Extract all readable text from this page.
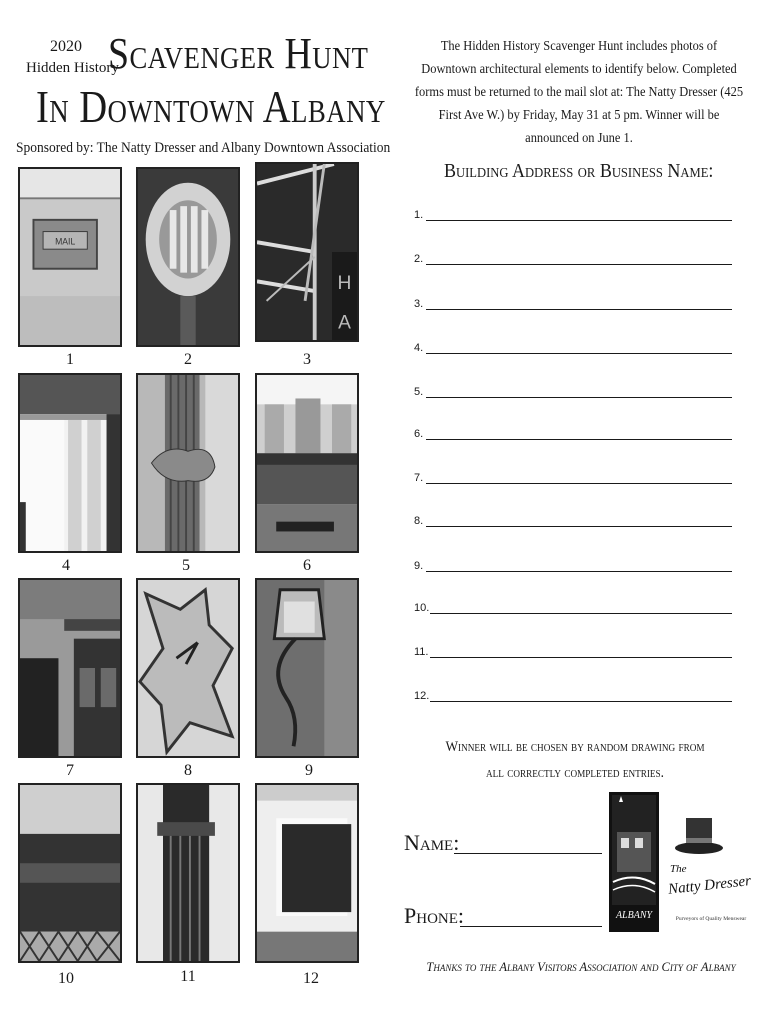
2020
Hidden History
Scavenger Hunt
In Downtown Albany
Sponsored by: The Natty Dresser and Albany Downtown Association
The Hidden History Scavenger Hunt includes photos of Downtown architectural elements to identify below. Completed forms must be returned to the mail slot at: The Natty Dresser (425 First Ave W.) by Friday, May 31 at 5 pm. Winner will be announced on June 1.
MAIL
H
A
1	2	3
4	5	6
7	8	9
10	11	12
Building Address or Business Name:
1.
2.
3.
4.
5.
6.
7.
8.
9.
10.
11.
12.
Winner will be chosen by random drawing from
all correctly completed entries.
Name:
Phone:	ALBANY
The
Natty Dresser
Purveyors of Quality Menswear
Thanks to the Albany Visitors Association and City of Albany
